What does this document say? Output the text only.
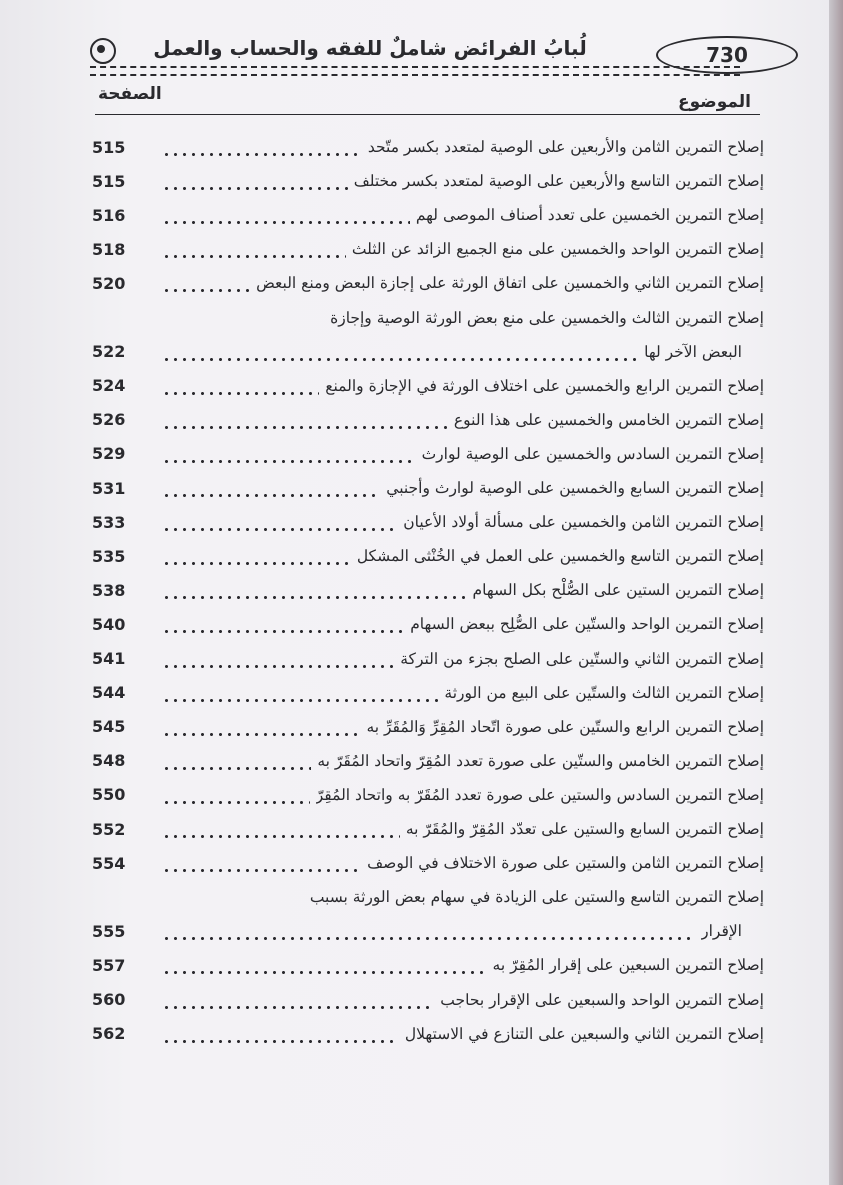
لُبابُ الفرائض شاملٌ للفقه والحساب والعمل	730
الصفحة	الموضوع
515	إصلاح التمرين الثامن والأربعين على الوصية لمتعدد بكسر متّحد
515	إصلاح التمرين التاسع والأربعين على الوصية لمتعدد بكسر مختلف
516	إصلاح التمرين الخمسين على تعدد أصناف الموصى لهم
518	إصلاح التمرين الواحد والخمسين على منع الجميع الزائد عن الثلث
520	إصلاح التمرين الثاني والخمسين على اتفاق الورثة على إجازة البعض ومنع البعض
إصلاح التمرين الثالث والخمسين على منع بعض الورثة الوصية وإجازة
522	البعض الآخر لها
524	إصلاح التمرين الرابع والخمسين على اختلاف الورثة في الإجازة والمنع
526	إصلاح التمرين الخامس والخمسين على هذا النوع
529	إصلاح التمرين السادس والخمسين على الوصية لوارث
531	إصلاح التمرين السابع والخمسين على الوصية لوارث وأجنبي
533	إصلاح التمرين الثامن والخمسين على مسألة أولاد الأعيان
535	إصلاح التمرين التاسع والخمسين على العمل في الخُنْثى المشكل
538	إصلاح التمرين الستين على الصُّلْح بكل السهام
540	إصلاح التمرين الواحد والستّين على الصُّلِح ببعض السهام
541	إصلاح التمرين الثاني والستّين على الصلح بجزء من التركة
544	إصلاح التمرين الثالث والستّين على البيع من الورثة
545	إصلاح التمرين الرابع والستّين على صورة اتّحاد المُقِرِّ وَالمُقَرِّ به
548	إصلاح التمرين الخامس والستّين على صورة تعدد المُقِرّ واتحاد المُقَرّ به
550	إصلاح التمرين السادس والستين على صورة تعدد المُقَرّ به واتحاد المُقِرّ
552	إصلاح التمرين السابع والستين على تعدّد المُقِرّ والمُقَرّ به
554	إصلاح التمرين الثامن والستين على صورة الاختلاف في الوصف
إصلاح التمرين التاسع والستين على الزيادة في سهام بعض الورثة بسبب
555	الإقرار
557	إصلاح التمرين السبعين على إقرار المُقِرّ به
560	إصلاح التمرين الواحد والسبعين على الإقرار بحاجب
562	إصلاح التمرين الثاني والسبعين على التنازع في الاستهلال
